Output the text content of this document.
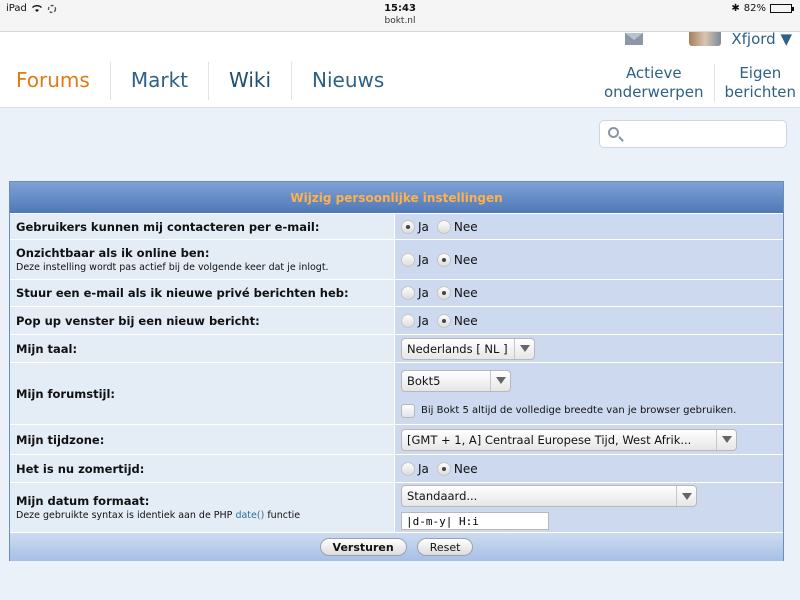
iPad	15:43
bokt.nl
✱ 82%
Xfjord ▼
Forums Markt Wiki Nieuws	Actieve
onderwerpen
Eigen
berichten
Wijzig persoonlijke instellingen
Gebruikers kunnen mij contacteren per e-mail:	Ja Nee
Onzichtbaar als ik online ben:
Deze instelling wordt pas actief bij de volgende keer dat je inlogt.
Ja Nee
Stuur een e-mail als ik nieuwe privé berichten heb:	Ja Nee
Pop up venster bij een nieuw bericht:	Ja Nee
Mijn taal:	Nederlands [ NL ]
Mijn forumstijl:
Bokt5
Bij Bokt 5 altijd de volledige breedte van je browser gebruiken.
Mijn tijdzone:	[GMT + 1, A] Centraal Europese Tijd, West Afrik...
Het is nu zomertijd:	Ja Nee
Mijn datum formaat:
Deze gebruikte syntax is identiek aan de PHP date() functie
Standaard...
|d-m-y| H:i
Versturen	Reset
